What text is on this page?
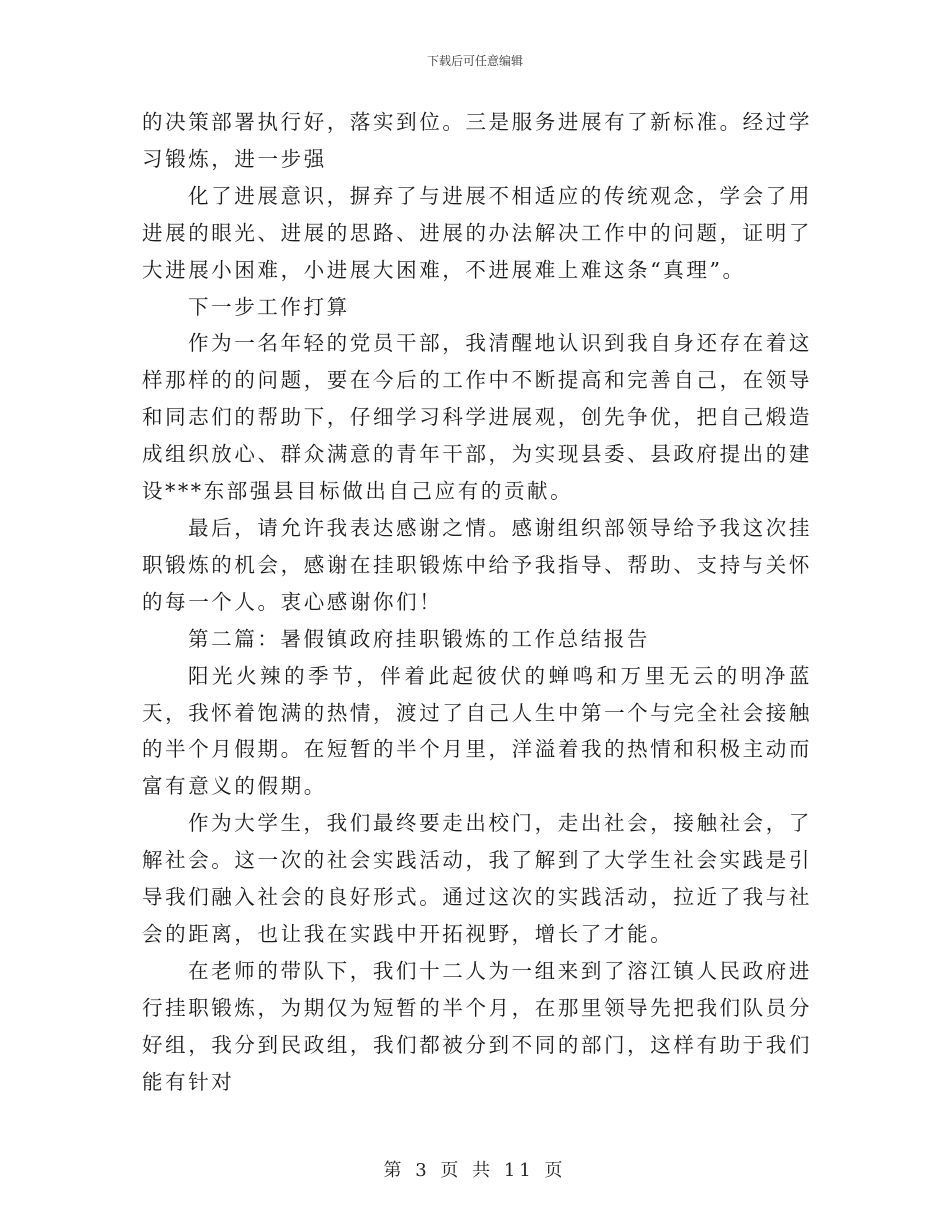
下载后可任意编辑

的决策部署执行好，落实到位。三是服务进展有了新标准。经过学习锻炼，进一步强

化了进展意识，摒弃了与进展不相适应的传统观念，学会了用进展的眼光、进展的思路、进展的办法解决工作中的问题，证明了大进展小困难，小进展大困难，不进展难上难这条“真理”。

下一步工作打算

作为一名年轻的党员干部，我清醒地认识到我自身还存在着这样那样的的问题，要在今后的工作中不断提高和完善自己，在领导和同志们的帮助下，仔细学习科学进展观，创先争优，把自己煅造成组织放心、群众满意的青年干部，为实现县委、县政府提出的建设***东部强县目标做出自己应有的贡献。

最后，请允许我表达感谢之情。感谢组织部领导给予我这次挂职锻炼的机会，感谢在挂职锻炼中给予我指导、帮助、支持与关怀的每一个人。衷心感谢你们！

第二篇：暑假镇政府挂职锻炼的工作总结报告

阳光火辣的季节，伴着此起彼伏的蝉鸣和万里无云的明净蓝天，我怀着饱满的热情，渡过了自己人生中第一个与完全社会接触的半个月假期。在短暂的半个月里，洋溢着我的热情和积极主动而富有意义的假期。

作为大学生，我们最终要走出校门，走出社会，接触社会，了解社会。这一次的社会实践活动，我了解到了大学生社会实践是引导我们融入社会的良好形式。通过这次的实践活动，拉近了我与社会的距离，也让我在实践中开拓视野，增长了才能。

在老师的带队下，我们十二人为一组来到了溶江镇人民政府进行挂职锻炼，为期仅为短暂的半个月，在那里领导先把我们队员分好组，我分到民政组，我们都被分到不同的部门，这样有助于我们能有针对

第 3 页 共 11 页
